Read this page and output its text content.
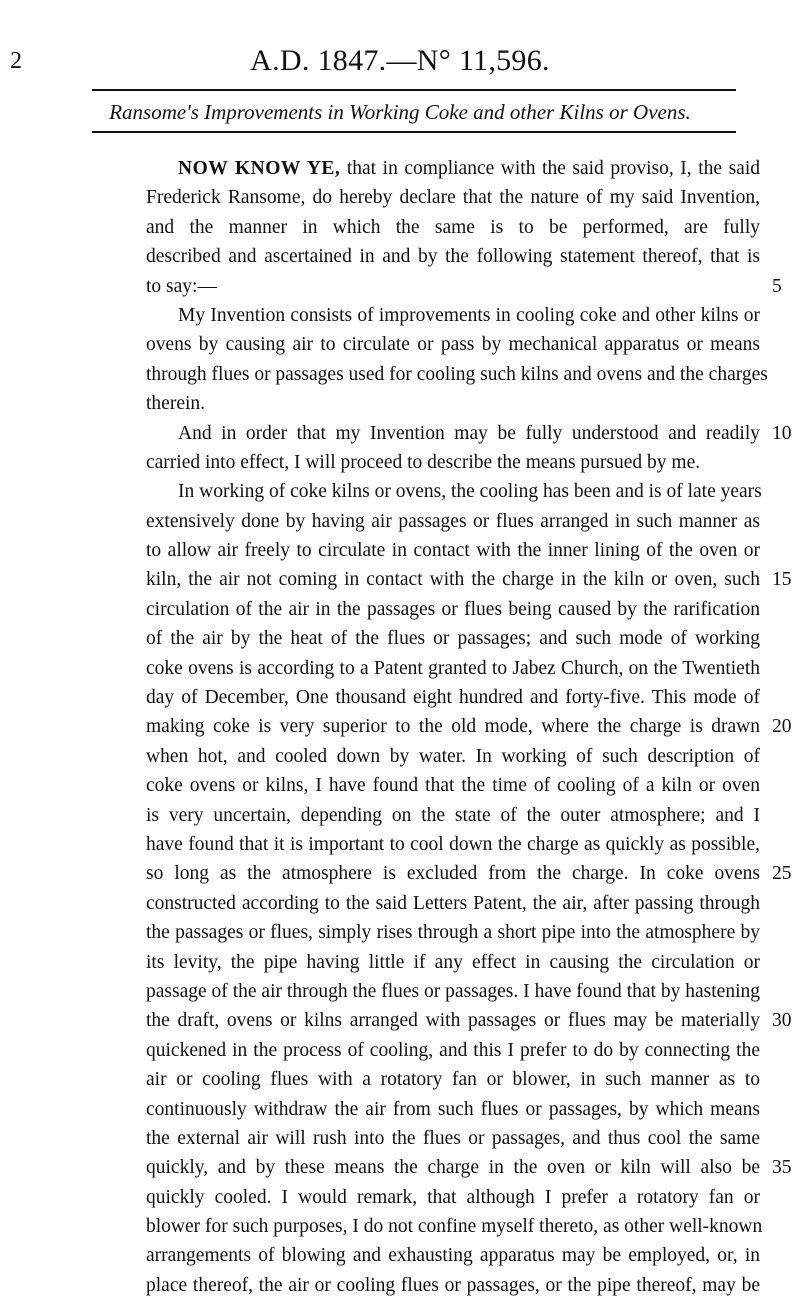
2	A.D. 1847.—N° 11,596.
Ransome's Improvements in Working Coke and other Kilns or Ovens.
NOW KNOW YE, that in compliance with the said proviso, I, the said
Frederick Ransome, do hereby declare that the nature of my said Invention,
and the manner in which the same is to be performed, are fully
described and ascertained in and by the following statement thereof, that is
to say:—	5
My Invention consists of improvements in cooling coke and other kilns or
ovens by causing air to circulate or pass by mechanical apparatus or means
through flues or passages used for cooling such kilns and ovens and the charges
therein.
And in order that my Invention may be fully understood and readily 10
carried into effect, I will proceed to describe the means pursued by me.
In working of coke kilns or ovens, the cooling has been and is of late years
extensively done by having air passages or flues arranged in such manner as
to allow air freely to circulate in contact with the inner lining of the oven or
kiln, the air not coming in contact with the charge in the kiln or oven, such 15
circulation of the air in the passages or flues being caused by the rarification
of the air by the heat of the flues or passages; and such mode of working
coke ovens is according to a Patent granted to Jabez Church, on the Twentieth
day of December, One thousand eight hundred and forty-five. This mode of
making coke is very superior to the old mode, where the charge is drawn 20
when hot, and cooled down by water. In working of such description of
coke ovens or kilns, I have found that the time of cooling of a kiln or oven
is very uncertain, depending on the state of the outer atmosphere; and I
have found that it is important to cool down the charge as quickly as possible,
so long as the atmosphere is excluded from the charge. In coke ovens 25
constructed according to the said Letters Patent, the air, after passing through
the passages or flues, simply rises through a short pipe into the atmosphere by
its levity, the pipe having little if any effect in causing the circulation or
passage of the air through the flues or passages. I have found that by hastening
the draft, ovens or kilns arranged with passages or flues may be materially 30
quickened in the process of cooling, and this I prefer to do by connecting the
air or cooling flues with a rotatory fan or blower, in such manner as to
continuously withdraw the air from such flues or passages, by which means
the external air will rush into the flues or passages, and thus cool the same
quickly, and by these means the charge in the oven or kiln will also be 35
quickly cooled. I would remark, that although I prefer a rotatory fan or
blower for such purposes, I do not confine myself thereto, as other well-known
arrangements of blowing and exhausting apparatus may be employed, or, in
place thereof, the air or cooling flues or passages, or the pipe thereof, may be
